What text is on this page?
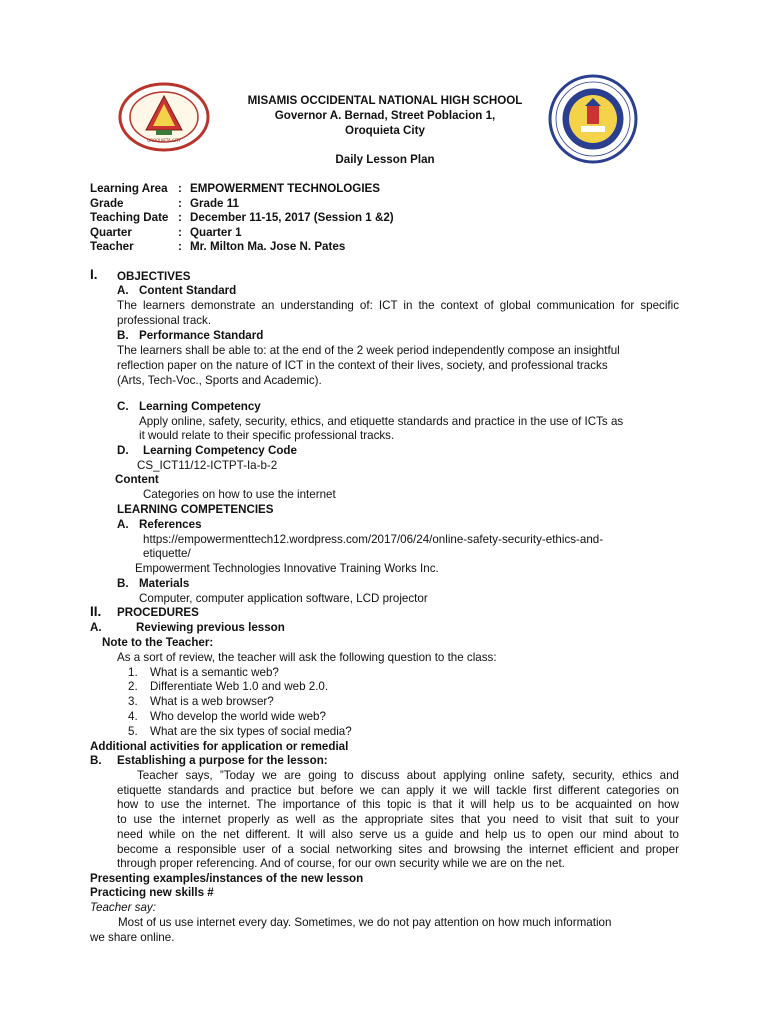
OROQUIETA CITY
MISAMIS OCCIDENTAL NATIONAL HIGH SCHOOL
Governor A. Bernad, Street Poblacion 1,
Oroquieta City
Daily Lesson Plan
Learning Area : EMPOWERMENT TECHNOLOGIES
Grade	: Grade 11
Teaching Date : December 11-15, 2017 (Session 1 &2)
Quarter	: Quarter 1
Teacher	: Mr. Milton Ma. Jose N. Pates
I. OBJECTIVES
A. Content Standard
The learners demonstrate an understanding of: ICT in the context of global communication for specific professional track.
B. Performance Standard
The learners shall be able to: at the end of the 2 week period independently compose an insightful
reflection paper on the nature of ICT in the context of their lives, society, and professional tracks
(Arts, Tech-Voc., Sports and Academic).
C. Learning Competency
Apply online, safety, security, ethics, and etiquette standards and practice in the use of ICTs as
it would relate to their specific professional tracks.
D. Learning Competency Code
CS_ICT11/12-ICTPT-Ia-b-2
Content
Categories on how to use the internet
LEARNING COMPETENCIES
A. References
https://empowermenttech12.wordpress.com/2017/06/24/online-safety-security-ethics-and-
etiquette/
Empowerment Technologies Innovative Training Works Inc.
B. Materials
Computer, computer application software, LCD projector
II. PROCEDURES
A.	Reviewing previous lesson
Note to the Teacher:
As a sort of review, the teacher will ask the following question to the class:
1. What is a semantic web?
2. Differentiate Web 1.0 and web 2.0.
3. What is a web browser?
4. Who develop the world wide web?
5. What are the six types of social media?
Additional activities for application or remedial
B. Establishing a purpose for the lesson:
Teacher says, ”Today we are going to discuss about applying online safety, security, ethics and
etiquette standards and practice but before we can apply it we will tackle first different categories on
how to use the internet. The importance of this topic is that it will help us to be acquainted on how
to use the internet properly as well as the appropriate sites that you need to visit that suit to your
need while on the net different. It will also serve us a guide and help us to open our mind about to
become a responsible user of a social networking sites and browsing the internet efficient and proper
through proper referencing. And of course, for our own security while we are on the net.
Presenting examples/instances of the new lesson
Practicing new skills #
Teacher say:
Most of us use internet every day. Sometimes, we do not pay attention on how much information
we share online.
